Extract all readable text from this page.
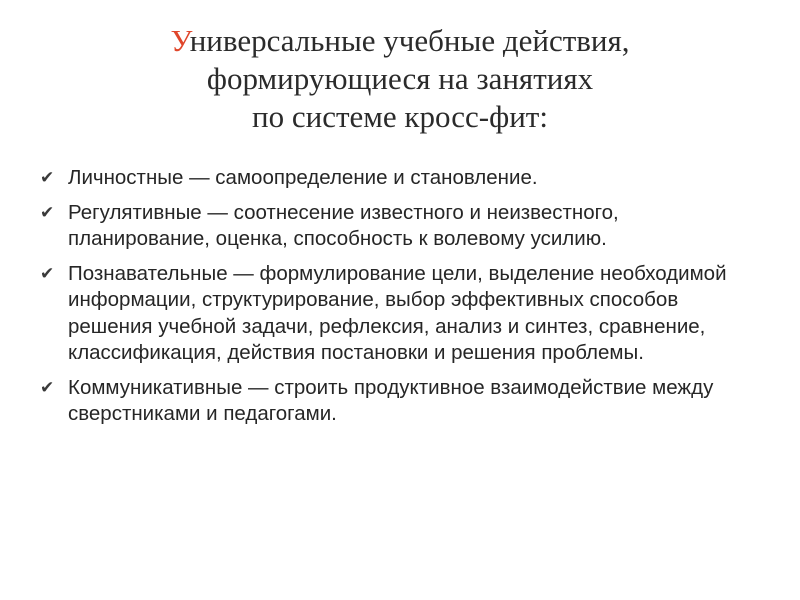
Универсальные учебные действия,
формирующиеся на занятиях
по системе кросс-фит:
✔ Личностные — самоопределение и становление.
✔ Регулятивные — соотнесение известного и неизвестного, планирование, оценка, способность к волевому усилию.
✔ Познавательные — формулирование цели, выделение необходимой информации, структурирование, выбор эффективных способов решения учебной задачи, рефлексия, анализ и синтез, сравнение, классификация, действия постановки и решения проблемы.
✔ Коммуникативные — строить продуктивное взаимодействие между сверстниками и педагогами.
